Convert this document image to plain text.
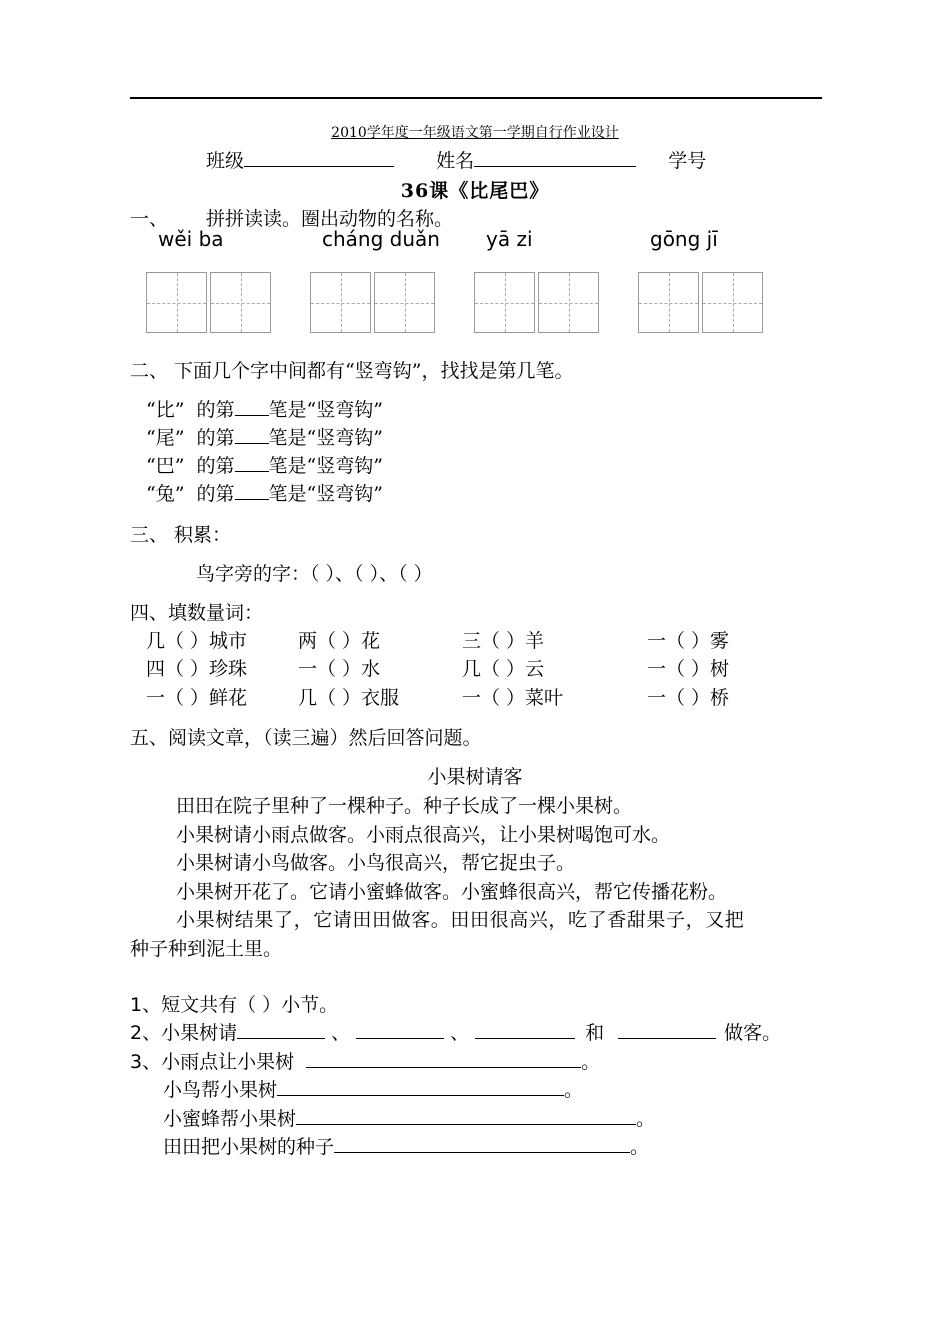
2010学年度一年级语文第一学期自行作业设计
班级	姓名	学号
36课《比尾巴》
一、 拼拼读读。圈出动物的名称。
wěi ba	cháng duǎn yā zi	gōng jī
二、 下面几个字中间都有“竖弯钩”，找找是第几笔。
“比” 的第 笔是“竖弯钩”
“尾” 的第 笔是“竖弯钩”
“巴” 的第 笔是“竖弯钩”
“兔” 的第 笔是“竖弯钩”
三、 积累：
鸟字旁的字：（ ）、（ ）、（ ）
四、填数量词：
几（ ）城市	两（ ）花	三（ ）羊	一（ ）雾
四（ ）珍珠	一（ ）水	几（ ）云	一（ ）树
一（ ）鲜花	几（ ）衣服	一（ ）菜叶	一（ ）桥
五、阅读文章，（读三遍）然后回答问题。
小果树请客
田田在院子里种了一棵种子。种子长成了一棵小果树。
小果树请小雨点做客。小雨点很高兴，让小果树喝饱可水。
小果树请小鸟做客。小鸟很高兴，帮它捉虫子。
小果树开花了。它请小蜜蜂做客。小蜜蜂很高兴，帮它传播花粉。
小果树结果了，它请田田做客。田田很高兴，吃了香甜果子，又把
种子种到泥土里。
1、短文共有（ ）小节。
2、小果树请	、	、	和	做客。
3、小雨点让小果树	。
小鸟帮小果树	。
小蜜蜂帮小果树	。
田田把小果树的种子	。
